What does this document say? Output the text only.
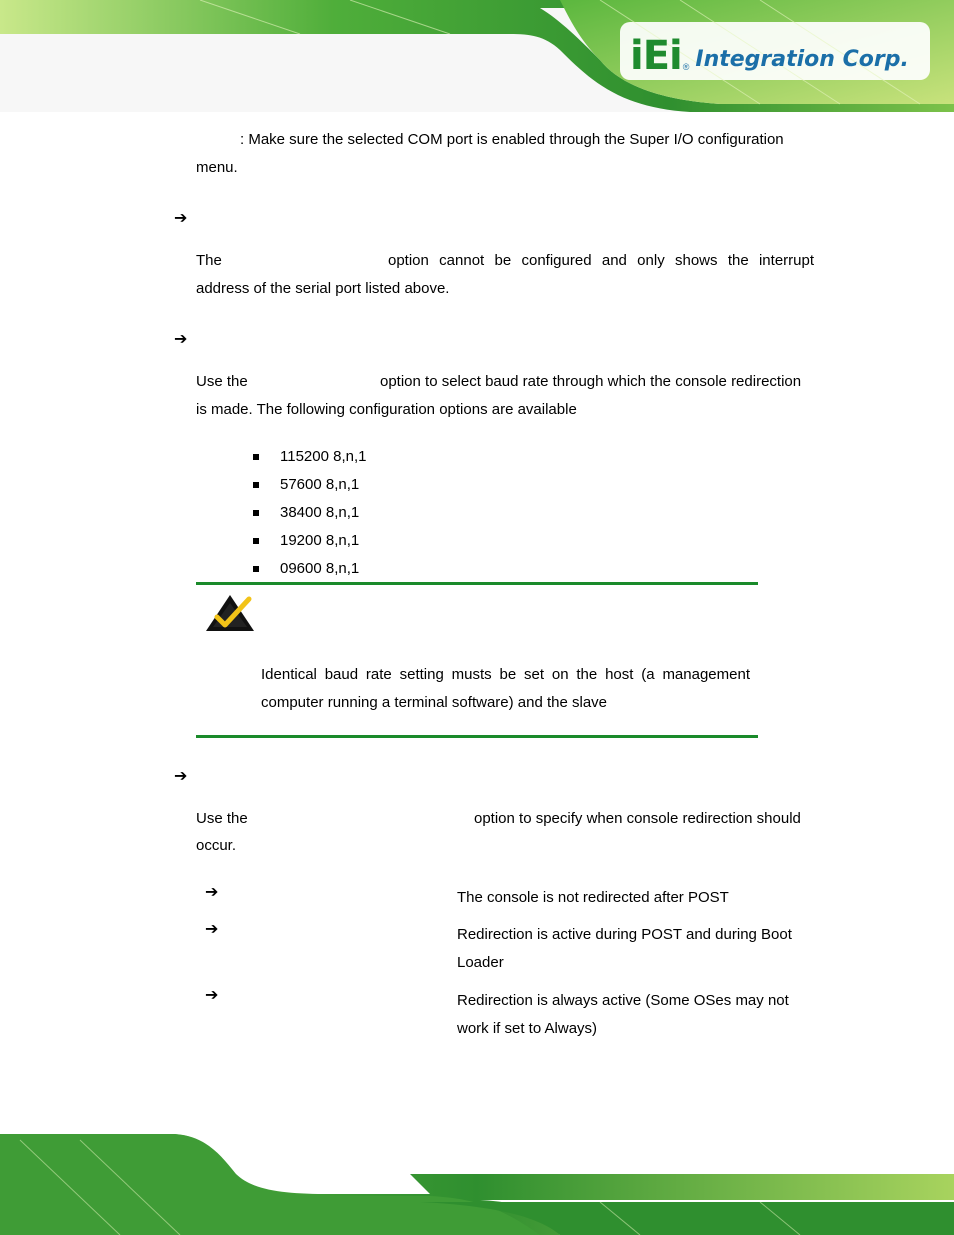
iEi ® Integration Corp.
: Make sure the selected COM port is enabled through the Super I/O configuration
menu.
➔
The	option cannot be configured and only shows the interrupt
address of the serial port listed above.
➔
Use the	option to select baud rate through which the console redirection
is made. The following configuration options are available
115200 8,n,1
57600 8,n,1
38400 8,n,1
19200 8,n,1
09600 8,n,1
Identical baud rate setting musts be set on the host (a management
computer running a terminal software) and the slave
➔
Use the	option to specify when console redirection should
occur.
➔	The console is not redirected after POST
➔	Redirection is active during POST and during Boot
Loader
➔	Redirection is always active (Some OSes may not
work if set to Always)
